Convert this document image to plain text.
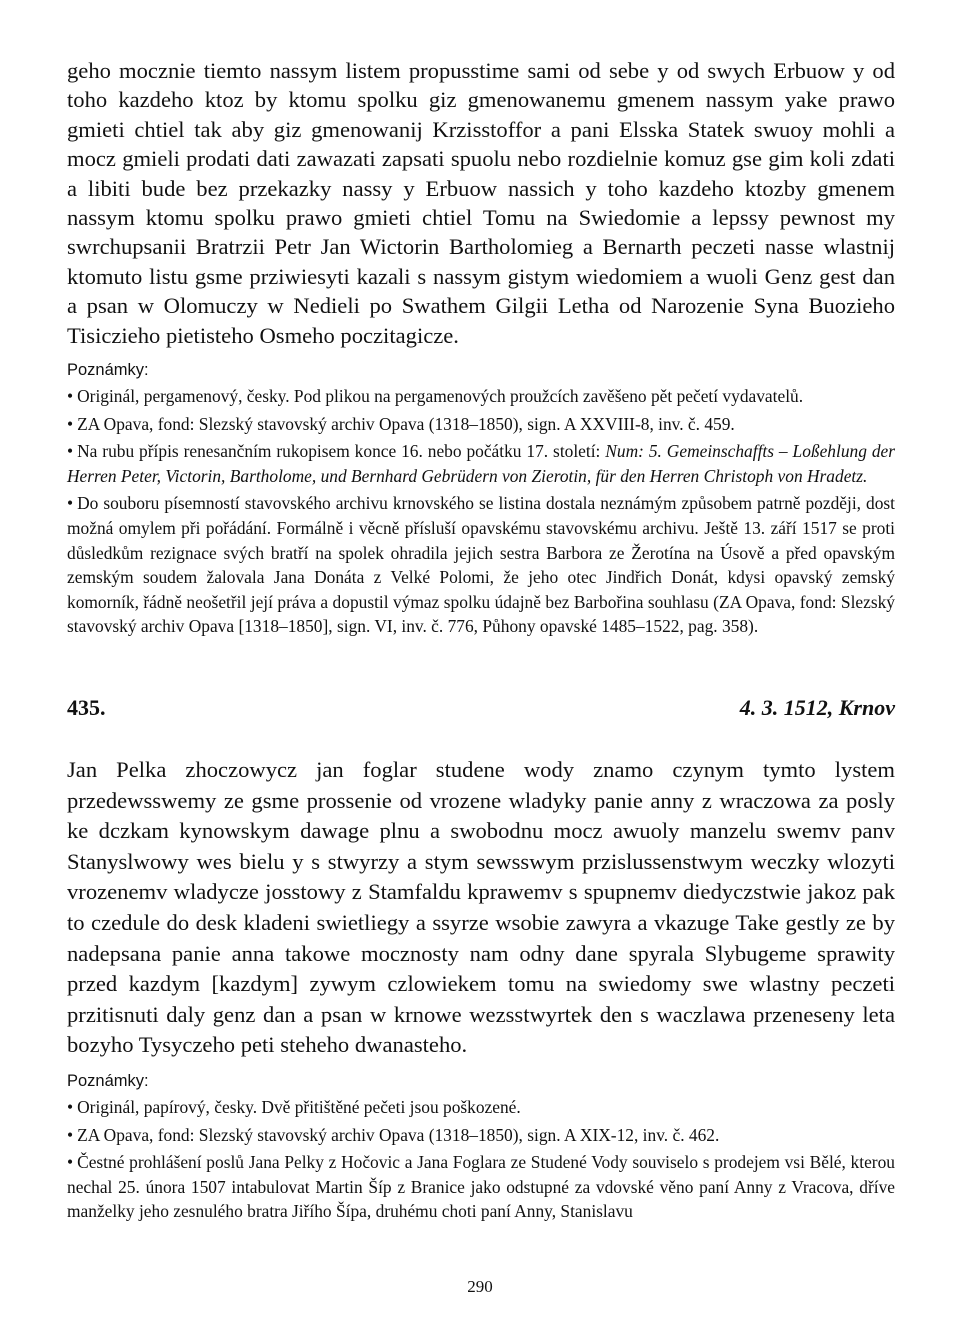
geho mocznie tiemto nassym listem propusstime sami od sebe y od swych Erbuow y od toho kazdeho ktoz by ktomu spolku giz gmenowanemu gmenem nassym yake prawo gmieti chtiel tak aby giz gmenowanij Krzisstoffor a pani Elsska Statek swuoy mohli a mocz gmieli prodati dati zawazati zapsati spuolu nebo rozdielnie komuz gse gim koli zdati a libiti bude bez przekazky nassy y Erbuow nassich y toho kazdeho ktozby gmenem nassym ktomu spolku prawo gmieti chtiel Tomu na Swiedomie a lepssy pewnost my swrchupsanii Bratrzii Petr Jan Wictorin Bartholomieg a Bernarth peczeti nasse wlastnij ktomuto listu gsme prziwiesyti kazali s nassym gistym wiedomiem a wuoli Genz gest dan a psan w Olomuczy w Nedieli po Swathem Gilgii Letha od Narozenie Syna Buozieho Tisiczieho pietisteho Osmeho poczitagicze.

Poznámky:

• Originál, pergamenový, česky. Pod plikou na pergamenových proužcích zavěšeno pět pečetí vydavatelů.

• ZA Opava, fond: Slezský stavovský archiv Opava (1318–1850), sign. A XXVIII-8, inv. č. 459.

• Na rubu přípis renesančním rukopisem konce 16. nebo počátku 17. století: Num: 5. Gemeinschaffts – Loßehlung der Herren Peter, Victorin, Bartholome, und Bernhard Gebrüdern von Zierotin, für den Herren Christoph von Hradetz.

• Do souboru písemností stavovského archivu krnovského se listina dostala neznámým způsobem patrně později, dost možná omylem při pořádání. Formálně i věcně přísluší opavskému stavovskému archivu. Ještě 13. září 1517 se proti důsledkům rezignace svých bratří na spolek ohradila jejich sestra Barbora ze Žerotína na Úsově a před opavským zemským soudem žalovala Jana Donáta z Velké Polomi, že jeho otec Jindřich Donát, kdysi opavský zemský komorník, řádně neošetřil její práva a dopustil výmaz spolku údajně bez Barbořina souhlasu (ZA Opava, fond: Slezský stavovský archiv Opava [1318–1850], sign. VI, inv. č. 776, Půhony opavské 1485–1522, pag. 358).

435.	4. 3. 1512, Krnov

Jan Pelka zhoczowycz jan foglar studene wody znamo czynym tymto lystem przedewsswemy ze gsme prossenie od vrozene wladyky panie anny z wraczowa za posly ke dczkam kynowskym dawage plnu a swobodnu mocz awuoly manzelu swemv panv Stanyslwowy wes bielu y s stwyrzy a stym sewsswym przislussenstwym weczky wlozyti vrozenemv wladycze josstowy z Stamfaldu kprawemv s spupnemv diedyczstwie jakoz pak to czedule do desk kladeni swietliegy a ssyrze wsobie zawyra a vkazuge Take gestly ze by nadepsana panie anna takowe mocznosty nam odny dane spyrala Slybugeme sprawity przed kazdym [kazdym] zywym czlowiekem tomu na swiedomy swe wlastny peczeti przitisnuti daly genz dan a psan w krnowe wezsstwyrtek den s waczlawa przeneseny leta bozyho Tysyczeho peti steheho dwanasteho.

Poznámky:

• Originál, papírový, česky. Dvě přitištěné pečeti jsou poškozené.

• ZA Opava, fond: Slezský stavovský archiv Opava (1318–1850), sign. A XIX-12, inv. č. 462.

• Čestné prohlášení poslů Jana Pelky z Hočovic a Jana Foglara ze Studené Vody souviselo s prodejem vsi Bělé, kterou nechal 25. února 1507 intabulovat Martin Šíp z Branice jako odstupné za vdovské věno paní Anny z Vracova, dříve manželky jeho zesnulého bratra Jiřího Šípa, druhému choti paní Anny, Stanislavu

290
